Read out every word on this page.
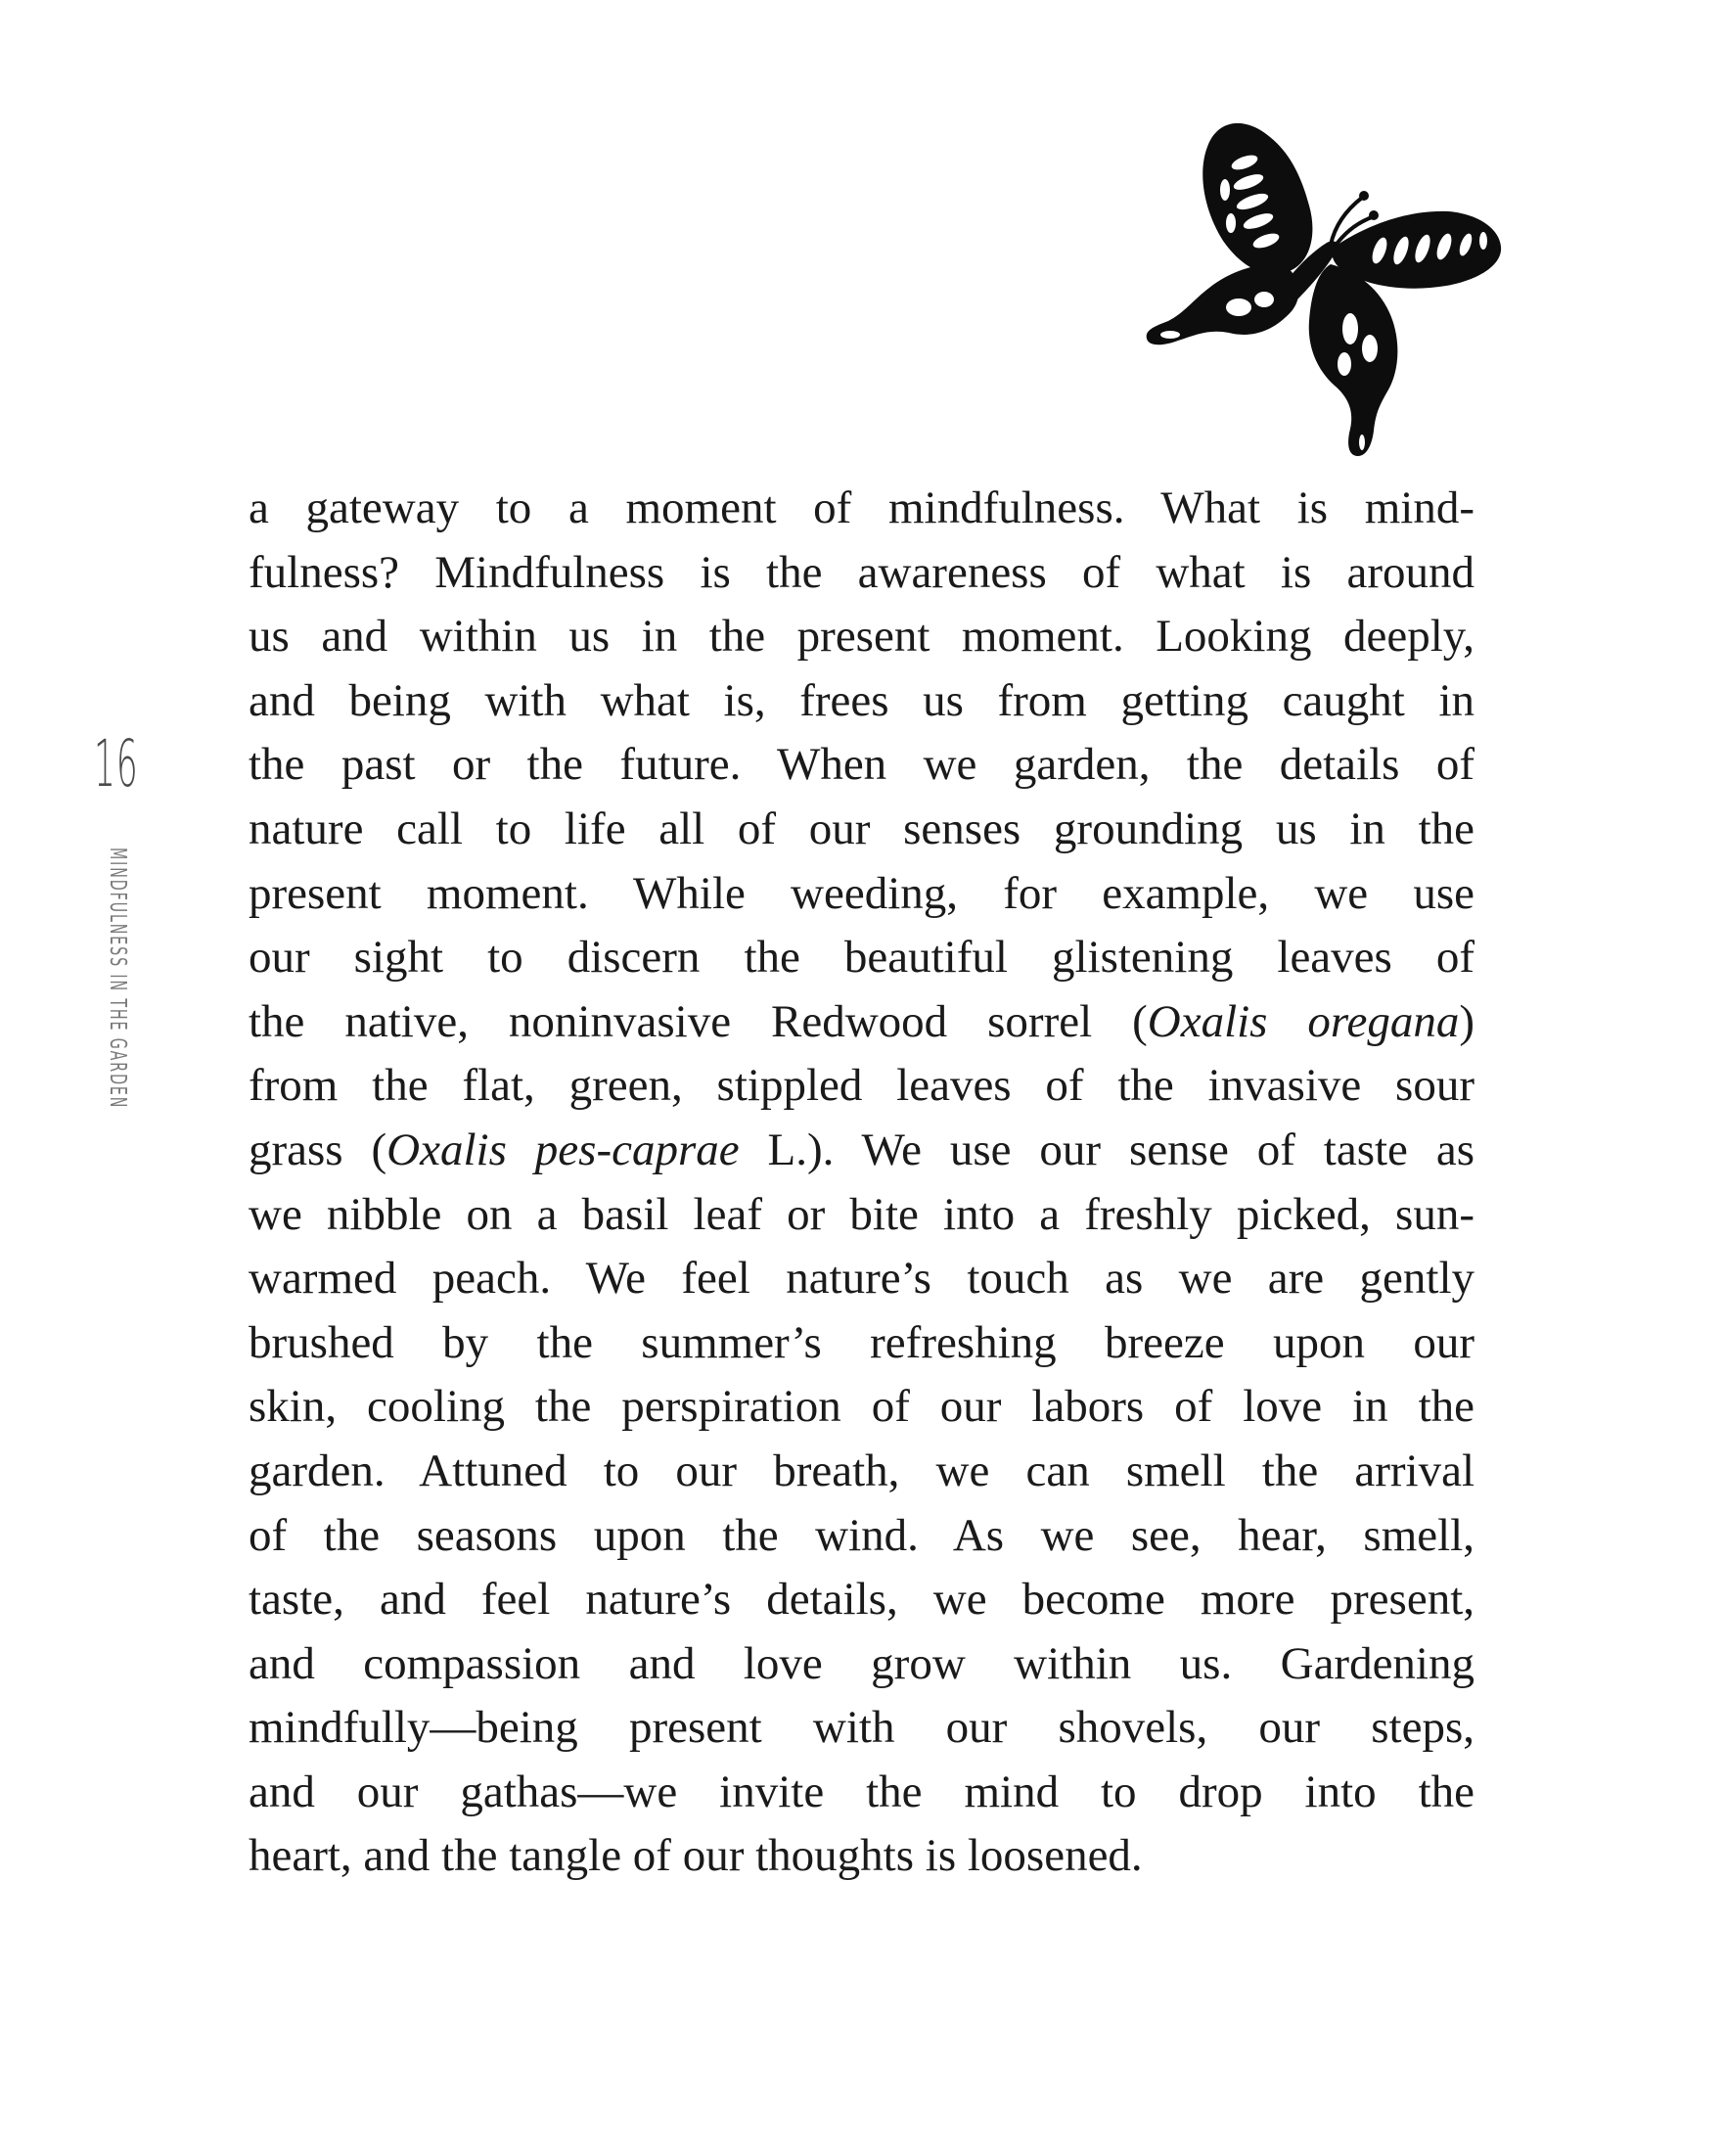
16
MINDFULNESS IN THE GARDEN
a gateway to a moment of mindfulness. What is mind-
fulness? Mindfulness is the awareness of what is around
us and within us in the present moment. Looking deeply,
and being with what is, frees us from getting caught in
the past or the future. When we garden, the details of
nature call to life all of our senses grounding us in the
present moment. While weeding, for example, we use
our sight to discern the beautiful glistening leaves of
the native, noninvasive Redwood sorrel (Oxalis oregana)
from the flat, green, stippled leaves of the invasive sour
grass (Oxalis pes-caprae L.). We use our sense of taste as
we nibble on a basil leaf or bite into a freshly picked, sun-
warmed peach. We feel nature’s touch as we are gently
brushed by the summer’s refreshing breeze upon our
skin, cooling the perspiration of our labors of love in the
garden. Attuned to our breath, we can smell the arrival
of the seasons upon the wind. As we see, hear, smell,
taste, and feel nature’s details, we become more present,
and compassion and love grow within us. Gardening
mindfully—being present with our shovels, our steps,
and our gathas—we invite the mind to drop into the
heart, and the tangle of our thoughts is loosened.
